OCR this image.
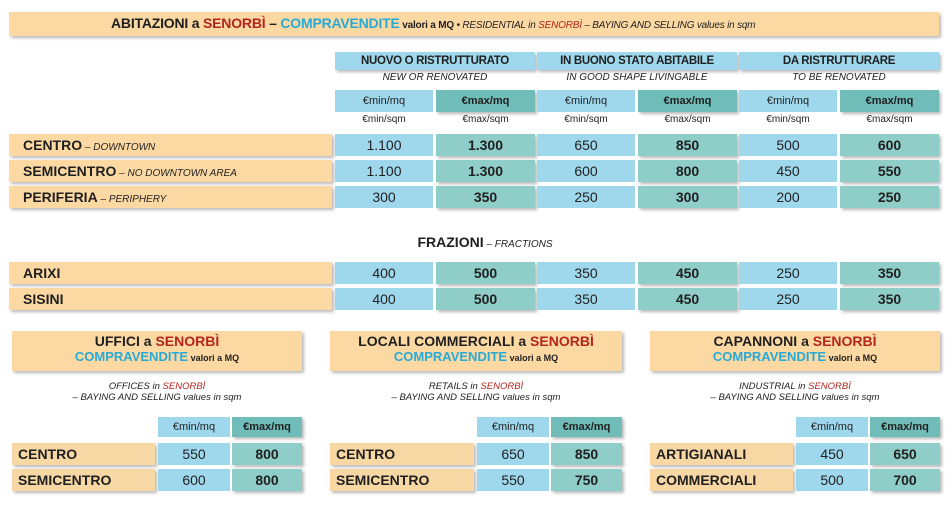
ABITAZIONI a SENORBÌ – COMPRAVENDITE valori a MQ • RESIDENTIAL in SENORBÌ – BAYING AND SELLING values in sqm
NUOVO O RISTRUTTURATO	IN BUONO STATO ABITABILE	DA RISTRUTTURARE
NEW OR RENOVATED	IN GOOD SHAPE LIVINGABLE	TO BE RENOVATED
€min/mq	€max/mq	€min/mq	€max/mq	€min/mq	€max/mq
€min/sqm	€max/sqm	€min/sqm	€max/sqm	€min/sqm	€max/sqm
CENTRO – DOWNTOWN	1.100	1.300	650	850	500	600
SEMICENTRO – NO DOWNTOWN AREA	1.100	1.300	600	800	450	550
PERIFERIA – PERIPHERY	300	350	250	300	200	250
FRAZIONI – FRACTIONS
ARIXI	400	500	350	450	250	350
SISINI	400	500	350	450	250	350
UFFICI a SENORBÌ
COMPRAVENDITE valori a MQ
OFFICES in SENORBÌ
– BAYING AND SELLING values in sqm
€min/mq	€max/mq
CENTRO	550	800
SEMICENTRO	600	800
LOCALI COMMERCIALI a SENORBÌ
COMPRAVENDITE valori a MQ
RETAILS in SENORBÌ
– BAYING AND SELLING values in sqm
€min/mq	€max/mq
CENTRO	650	850
SEMICENTRO	550	750
CAPANNONI a SENORBÌ
COMPRAVENDITE valori a MQ
INDUSTRIAL in SENORBÌ
– BAYING AND SELLING values in sqm
€min/mq	€max/mq
ARTIGIANALI	450	650
COMMERCIALI	500	700
